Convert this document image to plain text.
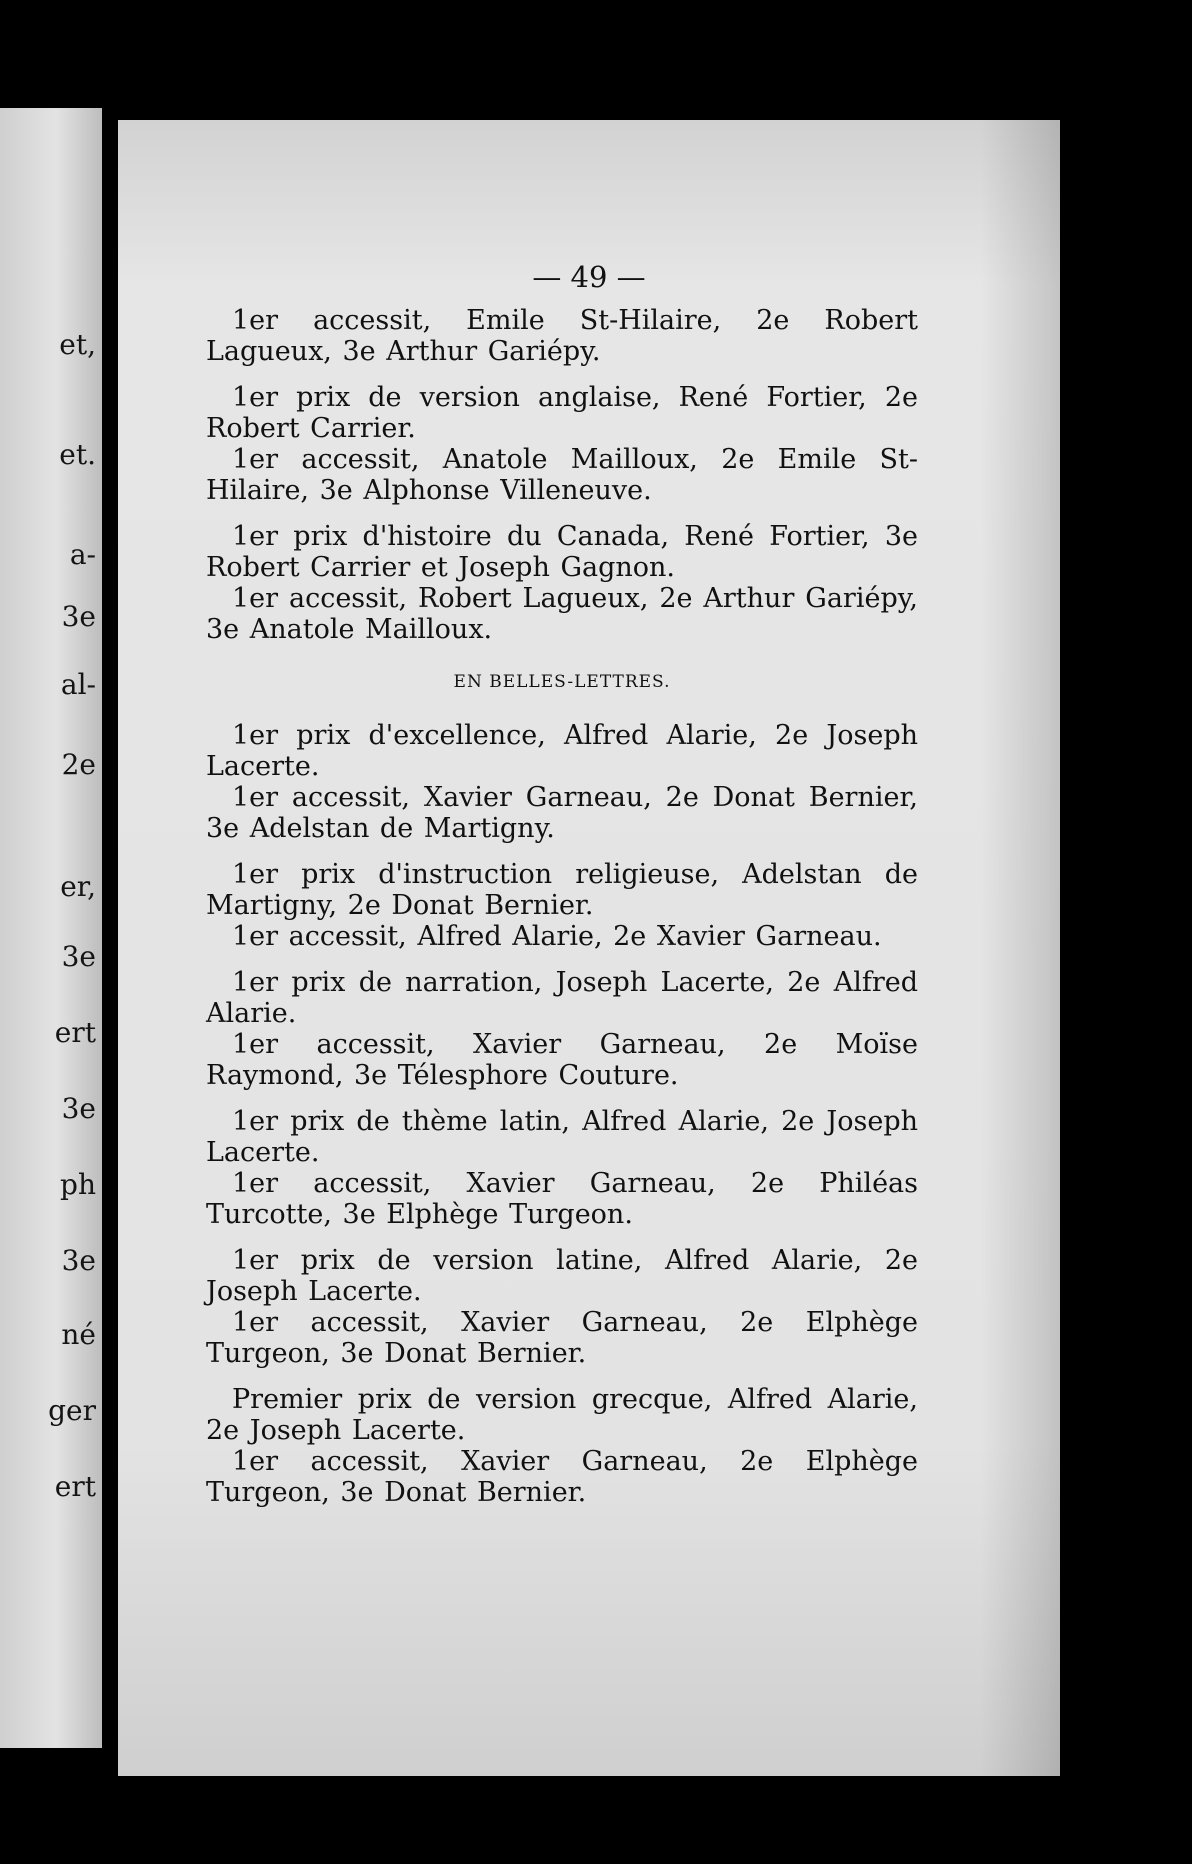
et,
et.
a-
3e
al-
2e
er,
3e
ert
3e
ph
3e
né
ger
ert
— 49 —

1er accessit, Emile St-Hilaire, 2e Robert Lagueux, 3e Arthur Gariépy.

1er prix de version anglaise, René Fortier, 2e Robert Carrier.

1er accessit, Anatole Mailloux, 2e Emile St-Hilaire, 3e Alphonse Villeneuve.

1er prix d'histoire du Canada, René Fortier, 3e Robert Carrier et Joseph Gagnon.

1er accessit, Robert Lagueux, 2e Arthur Gariépy, 3e Anatole Mailloux.

EN BELLES-LETTRES.

1er prix d'excellence, Alfred Alarie, 2e Joseph Lacerte.

1er accessit, Xavier Garneau, 2e Donat Bernier, 3e Adelstan de Martigny.

1er prix d'instruction religieuse, Adelstan de Martigny, 2e Donat Bernier.

1er accessit, Alfred Alarie, 2e Xavier Garneau.

1er prix de narration, Joseph Lacerte, 2e Alfred Alarie.

1er accessit, Xavier Garneau, 2e Moïse Raymond, 3e Télesphore Couture.

1er prix de thème latin, Alfred Alarie, 2e Joseph Lacerte.

1er accessit, Xavier Garneau, 2e Philéas Turcotte, 3e Elphège Turgeon.

1er prix de version latine, Alfred Alarie, 2e Joseph Lacerte.

1er accessit, Xavier Garneau, 2e Elphège Turgeon, 3e Donat Bernier.

Premier prix de version grecque, Alfred Alarie, 2e Joseph Lacerte.

1er accessit, Xavier Garneau, 2e Elphège Turgeon, 3e Donat Bernier.
